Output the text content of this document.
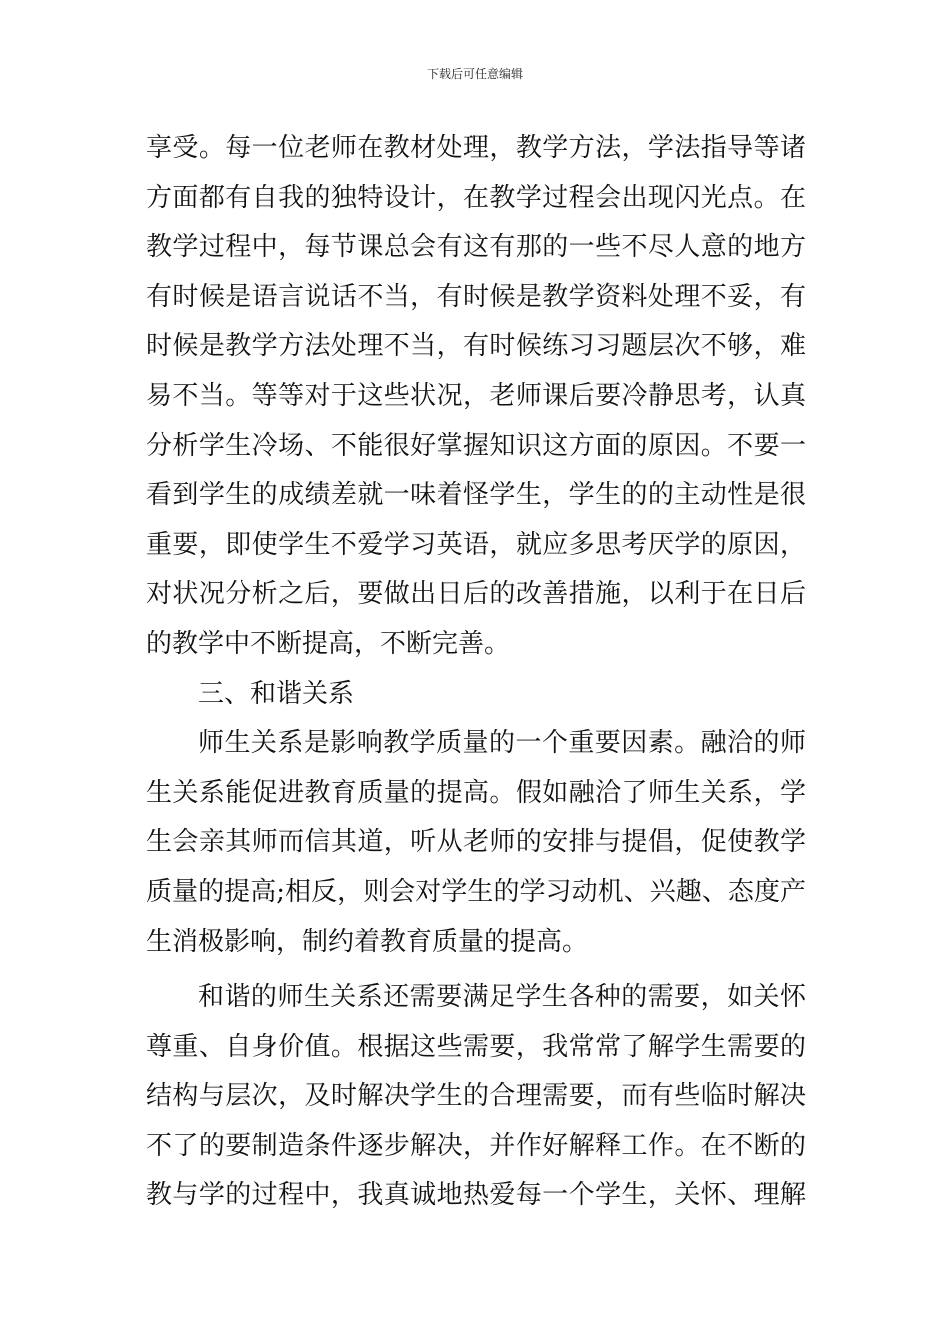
下载后可任意编辑
享受。每一位老师在教材处理，教学方法，学法指导等诸
方面都有自我的独特设计，在教学过程会出现闪光点。在
教学过程中，每节课总会有这有那的一些不尽人意的地方
有时候是语言说话不当，有时候是教学资料处理不妥，有
时候是教学方法处理不当，有时候练习习题层次不够，难
易不当。等等对于这些状况，老师课后要冷静思考，认真
分析学生冷场、不能很好掌握知识这方面的原因。不要一
看到学生的成绩差就一味着怪学生，学生的的主动性是很
重要，即使学生不爱学习英语，就应多思考厌学的原因，
对状况分析之后，要做出日后的改善措施，以利于在日后
的教学中不断提高，不断完善。
三、和谐关系
师生关系是影响教学质量的一个重要因素。融洽的师
生关系能促进教育质量的提高。假如融洽了师生关系，学
生会亲其师而信其道，听从老师的安排与提倡，促使教学
质量的提高;相反，则会对学生的学习动机、兴趣、态度产
生消极影响，制约着教育质量的提高。
和谐的师生关系还需要满足学生各种的需要，如关怀
尊重、自身价值。根据这些需要，我常常了解学生需要的
结构与层次，及时解决学生的合理需要，而有些临时解决
不了的要制造条件逐步解决，并作好解释工作。在不断的
教与学的过程中，我真诚地热爱每一个学生，关怀、理解
